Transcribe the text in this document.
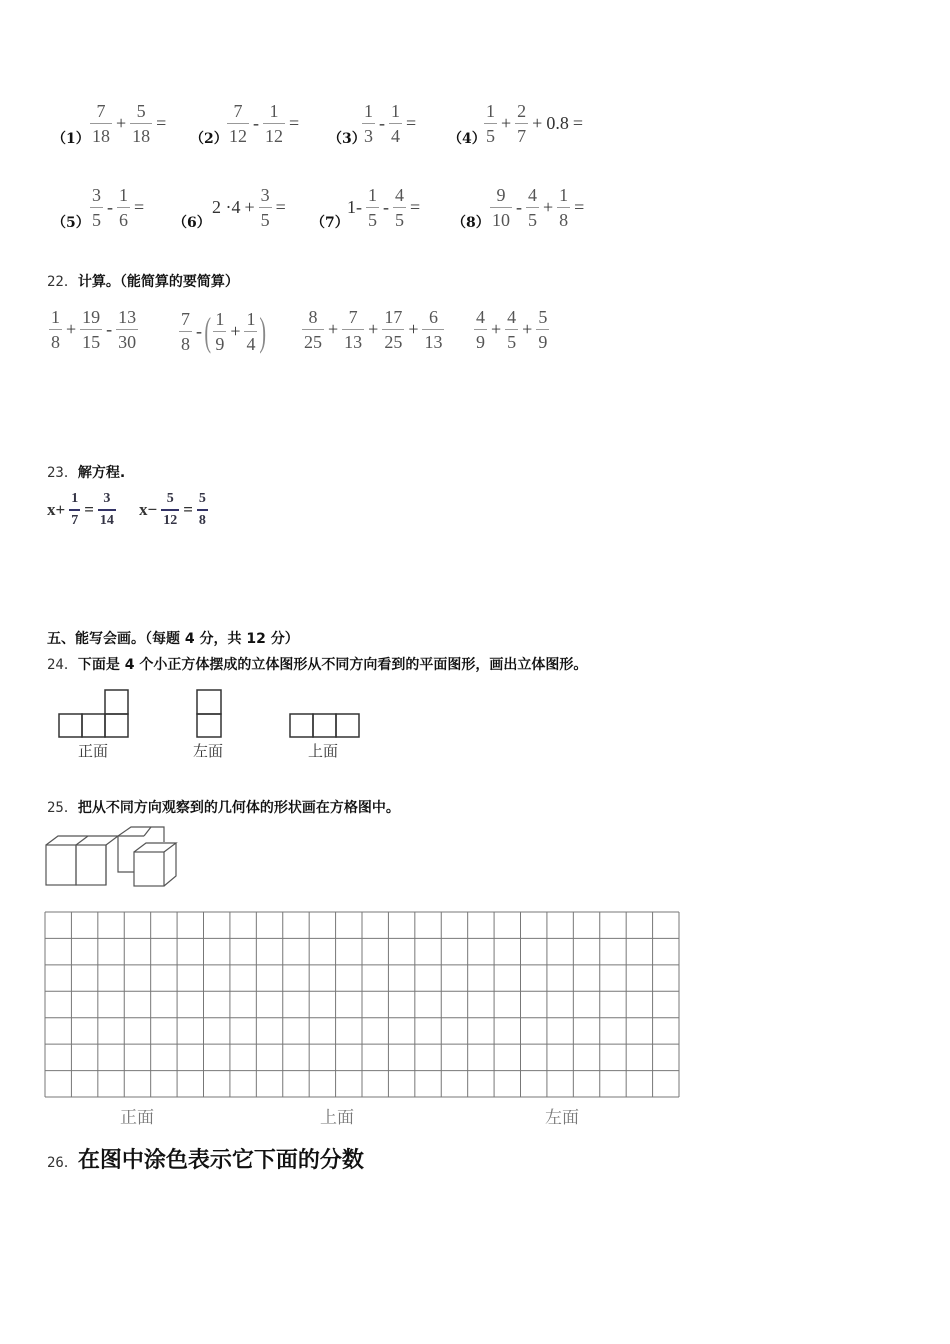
$(1) \frac{7}{18} + \frac{5}{18}$ =
$(2) \frac{7}{12} - \frac{1}{12}$ =
（3）
$\frac{1}{3} - \frac{1}{4}$ =
（4）
$\frac{1}{5} + \frac{2}{7} + 0.8$ =
$(5) \frac{3}{5} - \frac{1}{6}$ =
（6）
$2 \cdot 4 + \frac{3}{5}$ =
（7）
$1- \frac{1}{5} - \frac{4}{5}$ =
$(8) \frac{9}{10} - \frac{4}{5} + \frac{1}{8}$ =
22．计算。（能简算的要简算）
$\frac{1}{8} + \frac{19}{15} - \frac{13}{30} \frac{7}{8}$ - ( $\frac{1}{9} + \frac{1}{4}$ ) $\frac{8}{25} + \frac{7}{13} + \frac{17}{25} + \frac{6}{13} \frac{4}{9} + \frac{4}{5} + \frac{5}{9}$
23．解方程.
$x+ \frac{1}{7} = \frac{3}{14} x- \frac{5}{12} = \frac{5}{8}$
五、能写会画。（每题 4 分，共 12 分）
24．下面是 4 个小正方体摆成的立体图形从不同方向看到的平面图形，画出立体图形。
正面	左面	上面
25．把从不同方向观察到的几何体的形状画在方格图中。
正面	上面	左面
26．在图中涂色表示它下面的分数
